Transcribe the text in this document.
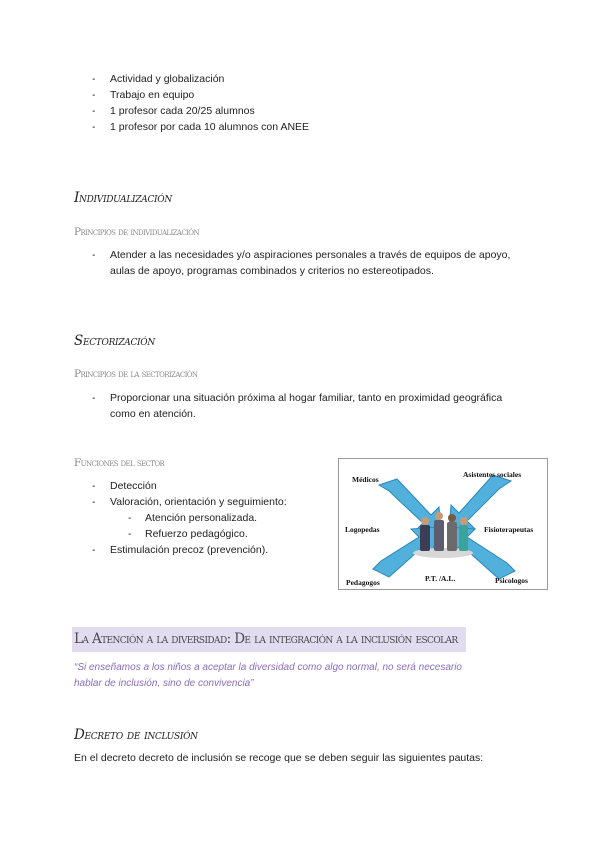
- Actividad y globalización
- Trabajo en equipo
- 1 profesor cada 20/25 alumnos
- 1 profesor por cada 10 alumnos con ANEE
Individualización
Principios de individualización
- Atender a las necesidades y/o aspiraciones personales a través de equipos de apoyo,
aulas de apoyo, programas combinados y criterios no estereotipados.
Sectorización
Principios de la sectorización
- Proporcionar una situación próxima al hogar familiar, tanto en proximidad geográfica
como en atención.
Funciones del sector
- Detección
- Valoración, orientación y seguimiento:
- Atención personalizada.
- Refuerzo pedagógico.
- Estimulación precoz (prevención).
Médicos
Asistentes sociales
Logopedas	Fisioterapeutas
Pedagogos	P.T. /A.L.	Psicologos
La Atención a la diversidad: De la integración a la inclusión escolar
“Si enseñamos a los niños a aceptar la diversidad como algo normal, no será necesario
hablar de inclusión, sino de convivencia”
Decreto de inclusión
En el decreto decreto de inclusión se recoge que se deben seguir las siguientes pautas:
